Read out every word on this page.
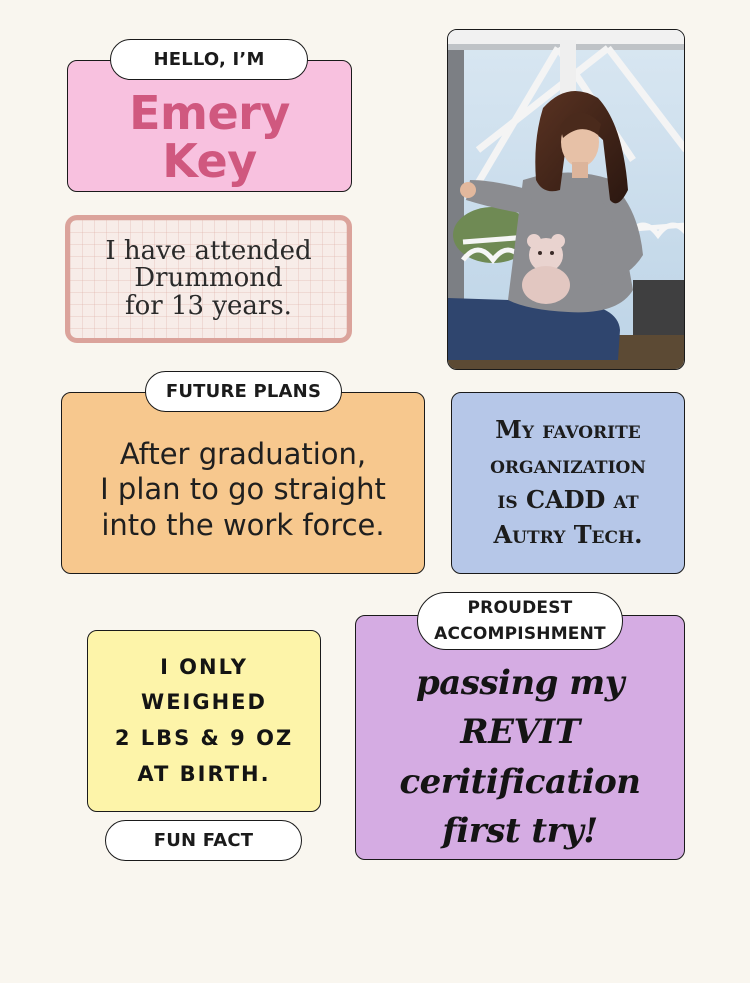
HELLO, I’M
Emery
Key
I have attended
Drummond
for 13 years.
FUTURE PLANS
After graduation,
I plan to go straight
into the work force.
My favorite
organization
is CADD at
Autry Tech.
I ONLY
WEIGHED
2 LBS & 9 OZ
AT BIRTH.
FUN FACT
PROUDEST
ACCOMPISHMENT
passing my
REVIT
ceritification
first try!
